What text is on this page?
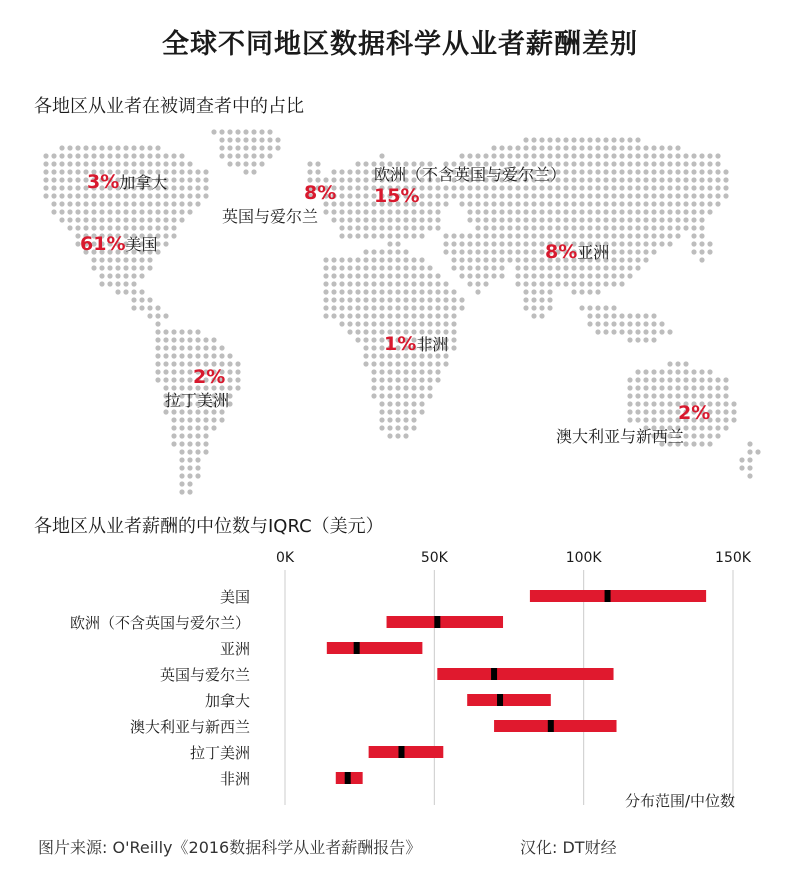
全球不同地区数据科学从业者薪酬差别
各地区从业者在被调查者中的占比
3%加拿大
61%美国
8%
英国与爱尔兰
欧洲（不含英国与爱尔兰）
15%
8%亚洲
1%非洲
2%
拉丁美洲
2%
澳大利亚与新西兰
各地区从业者薪酬的中位数与IQRC（美元）
0K	50K	100K	150K
美国
欧洲（不含英国与爱尔兰）
亚洲
英国与爱尔兰
加拿大
澳大利亚与新西兰
拉丁美洲
非洲
分布范围/中位数
图片来源: O'Reilly《2016数据科学从业者薪酬报告》	汉化: DT财经
